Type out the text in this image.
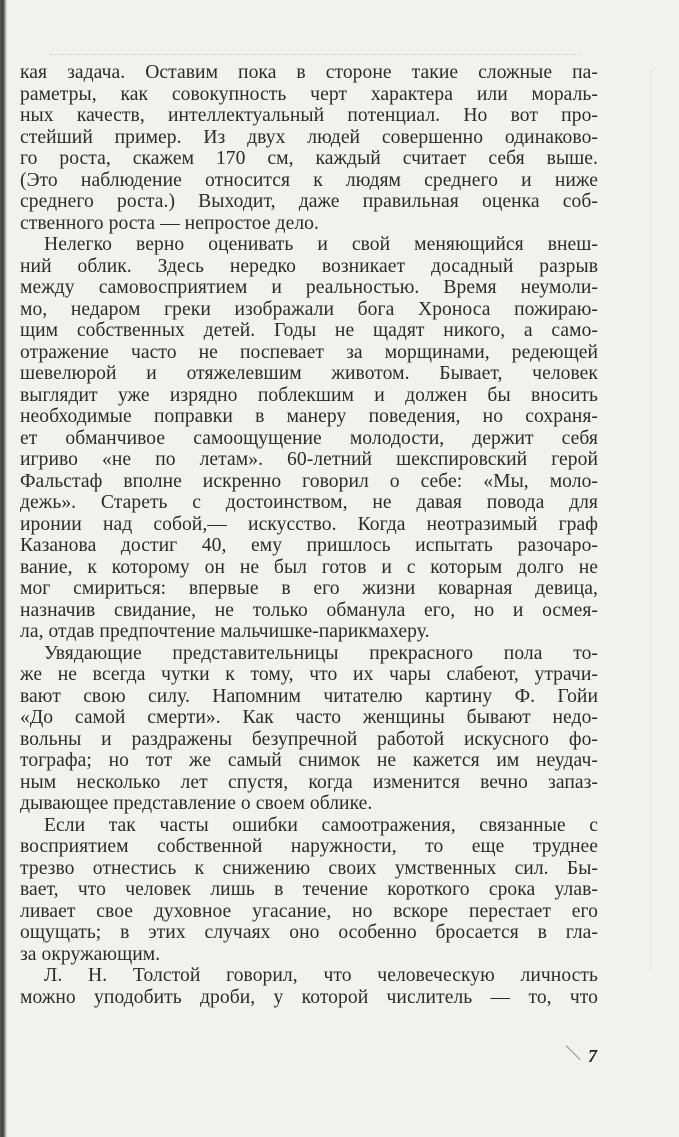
кая задача. Оставим пока в стороне такие сложные па-
раметры, как совокупность черт характера или мораль-
ных качеств, интеллектуальный потенциал. Но вот про-
стейший пример. Из двух людей совершенно одинаково-
го роста, скажем 170 см, каждый считает себя выше.
(Это наблюдение относится к людям среднего и ниже
среднего роста.) Выходит, даже правильная оценка соб-
ственного роста — непростое дело.
Нелегко верно оценивать и свой меняющийся внеш-
ний облик. Здесь нередко возникает досадный разрыв
между самовосприятием и реальностью. Время неумоли-
мо, недаром греки изображали бога Хроноса пожираю-
щим собственных детей. Годы не щадят никого, а само-
отражение часто не поспевает за морщинами, редеющей
шевелюрой и отяжелевшим животом. Бывает, человек
выглядит уже изрядно поблекшим и должен бы вносить
необходимые поправки в манеру поведения, но сохраня-
ет обманчивое самоощущение молодости, держит себя
игриво «не по летам». 60-летний шекспировский герой
Фальстаф вполне искренно говорил о себе: «Мы, моло-
дежь». Стареть с достоинством, не давая повода для
иронии над собой,— искусство. Когда неотразимый граф
Казанова достиг 40, ему пришлось испытать разочаро-
вание, к которому он не был готов и с которым долго не
мог смириться: впервые в его жизни коварная девица,
назначив свидание, не только обманула его, но и осмея-
ла, отдав предпочтение мальчишке-парикмахеру.
Увядающие представительницы прекрасного пола то-
же не всегда чутки к тому, что их чары слабеют, утрачи-
вают свою силу. Напомним читателю картину Ф. Гойи
«До самой смерти». Как часто женщины бывают недо-
вольны и раздражены безупречной работой искусного фо-
тографа; но тот же самый снимок не кажется им неудач-
ным несколько лет спустя, когда изменится вечно запаз-
дывающее представление о своем облике.
Если так часты ошибки самоотражения, связанные с
восприятием собственной наружности, то еще труднее
трезво отнестись к снижению своих умственных сил. Бы-
вает, что человек лишь в течение короткого срока улав-
ливает свое духовное угасание, но вскоре перестает его
ощущать; в этих случаях оно особенно бросается в гла-
за окружающим.
Л. Н. Толстой говорил, что человеческую личность
можно уподобить дроби, у которой числитель — то, что
7
